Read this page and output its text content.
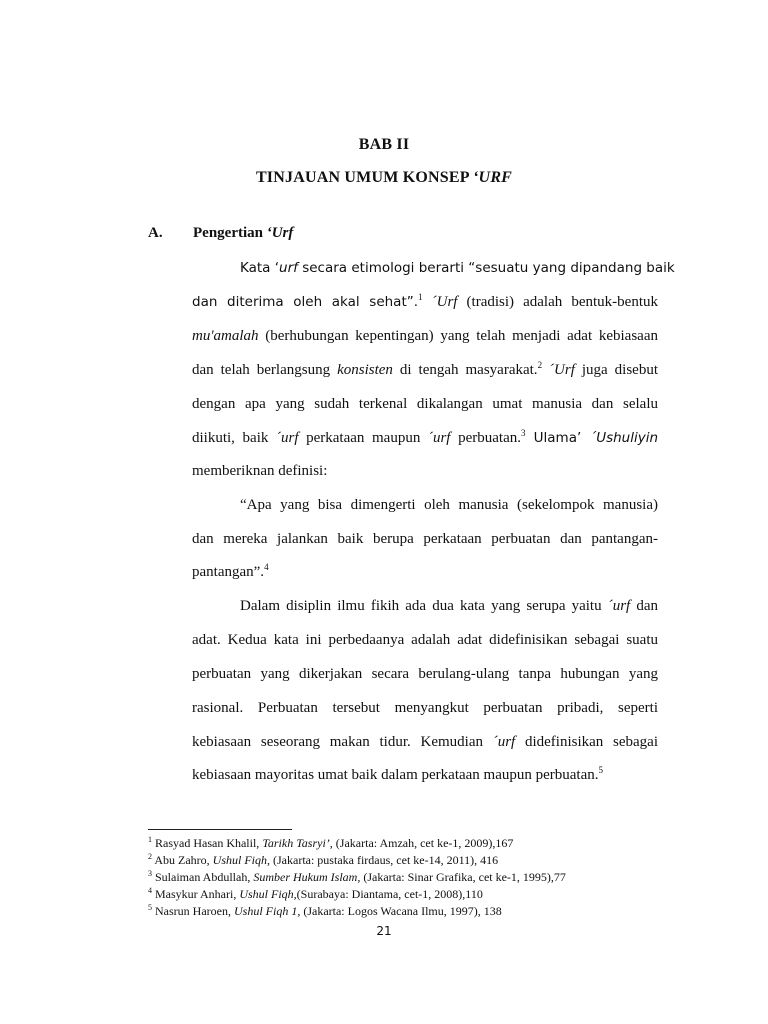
BAB II
TINJAUAN UMUM KONSEP ‘URF
A. Pengertian ‘Urf
Kata ‘urf secara etimologi berarti “sesuatu yang dipandang baik
dan diterima oleh akal sehat”.$^1$ ´Urf (tradisi) adalah bentuk-bentuk
mu'amalah (berhubungan kepentingan) yang telah menjadi adat kebiasaan
dan telah berlangsung konsisten di tengah masyarakat.$^2$ ´Urf juga disebut
dengan apa yang sudah terkenal dikalangan umat manusia dan selalu
diikuti, baik ´urf perkataan maupun ´urf perbuatan.$^3$ Ulama’ ´Ushuliyin
memberiknan definisi:
“Apa yang bisa dimengerti oleh manusia (sekelompok manusia)
dan mereka jalankan baik berupa perkataan perbuatan dan pantangan-
pantangan”.$^4$
Dalam disiplin ilmu fikih ada dua kata yang serupa yaitu ´urf dan
adat. Kedua kata ini perbedaanya adalah adat didefinisikan sebagai suatu
perbuatan yang dikerjakan secara berulang-ulang tanpa hubungan yang
rasional. Perbuatan tersebut menyangkut perbuatan pribadi, seperti
kebiasaan seseorang makan tidur. Kemudian ´urf didefinisikan sebagai
kebiasaan mayoritas umat baik dalam perkataan maupun perbuatan.$^5$
$^1$ Rasyad Hasan Khalil, Tarikh Tasryi’, (Jakarta: Amzah, cet ke-1, 2009),167
$^2$ Abu Zahro, Ushul Fiqh, (Jakarta: pustaka firdaus, cet ke-14, 2011), 416
$^3$ Sulaiman Abdullah, Sumber Hukum Islam, (Jakarta: Sinar Grafika, cet ke-1, 1995),77
$^4$ Masykur Anhari, Ushul Fiqh,(Surabaya: Diantama, cet-1, 2008),110
$^5$ Nasrun Haroen, Ushul Fiqh 1, (Jakarta: Logos Wacana Ilmu, 1997), 138
21
